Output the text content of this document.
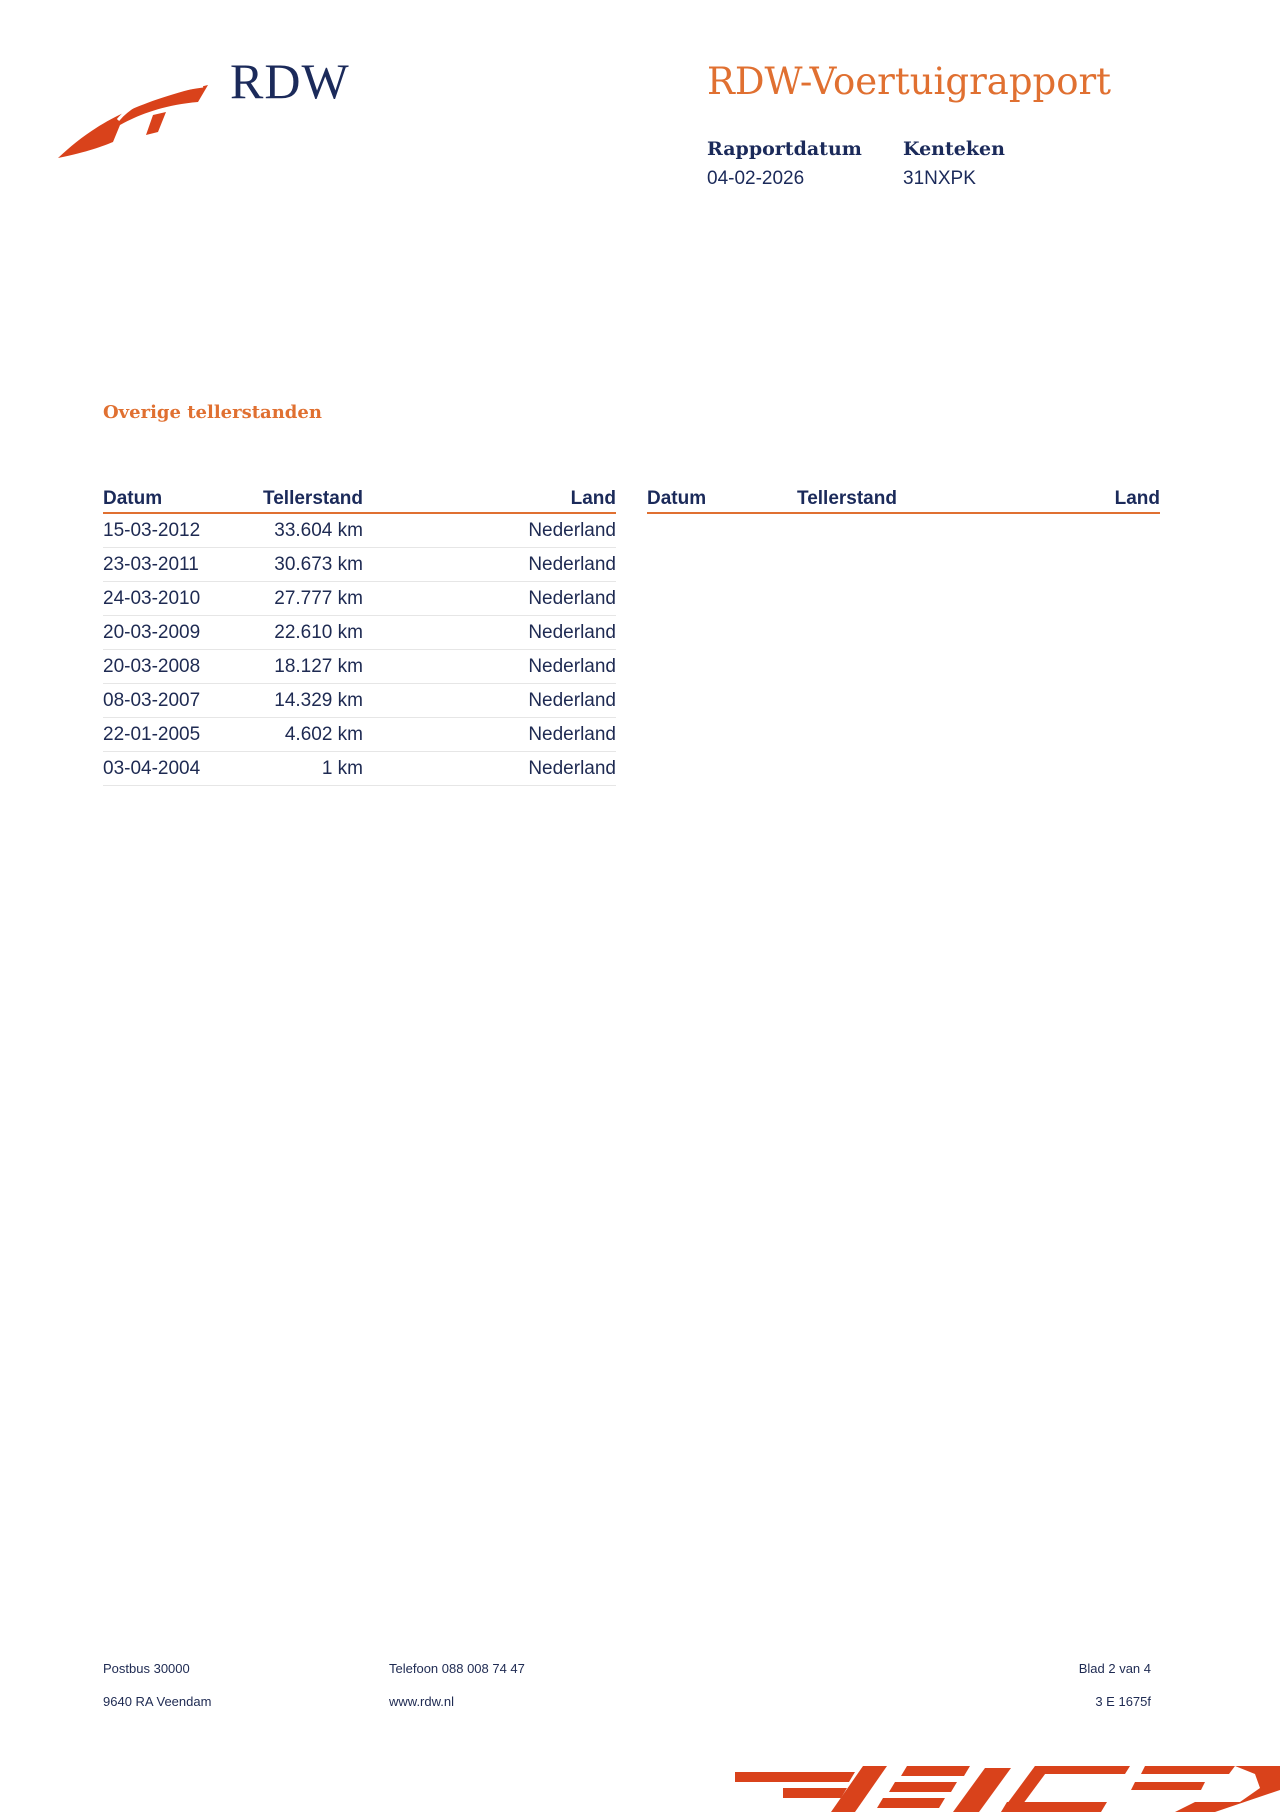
RDW	RDW-Voertuigrapport
Rapportdatum
04-02-2026
Kenteken
31NXPK
Overige tellerstanden
Datum	Tellerstand	Land
15-03-2012	33.604 km	Nederland
23-03-2011	30.673 km	Nederland
24-03-2010	27.777 km	Nederland
20-03-2009	22.610 km	Nederland
20-03-2008	18.127 km	Nederland
08-03-2007	14.329 km	Nederland
22-01-2005	4.602 km	Nederland
03-04-2004	1 km	Nederland
Datum	Tellerstand	Land
Postbus 30000
9640 RA Veendam
Telefoon 088 008 74 47
www.rdw.nl
Blad 2 van 4
3 E 1675f
